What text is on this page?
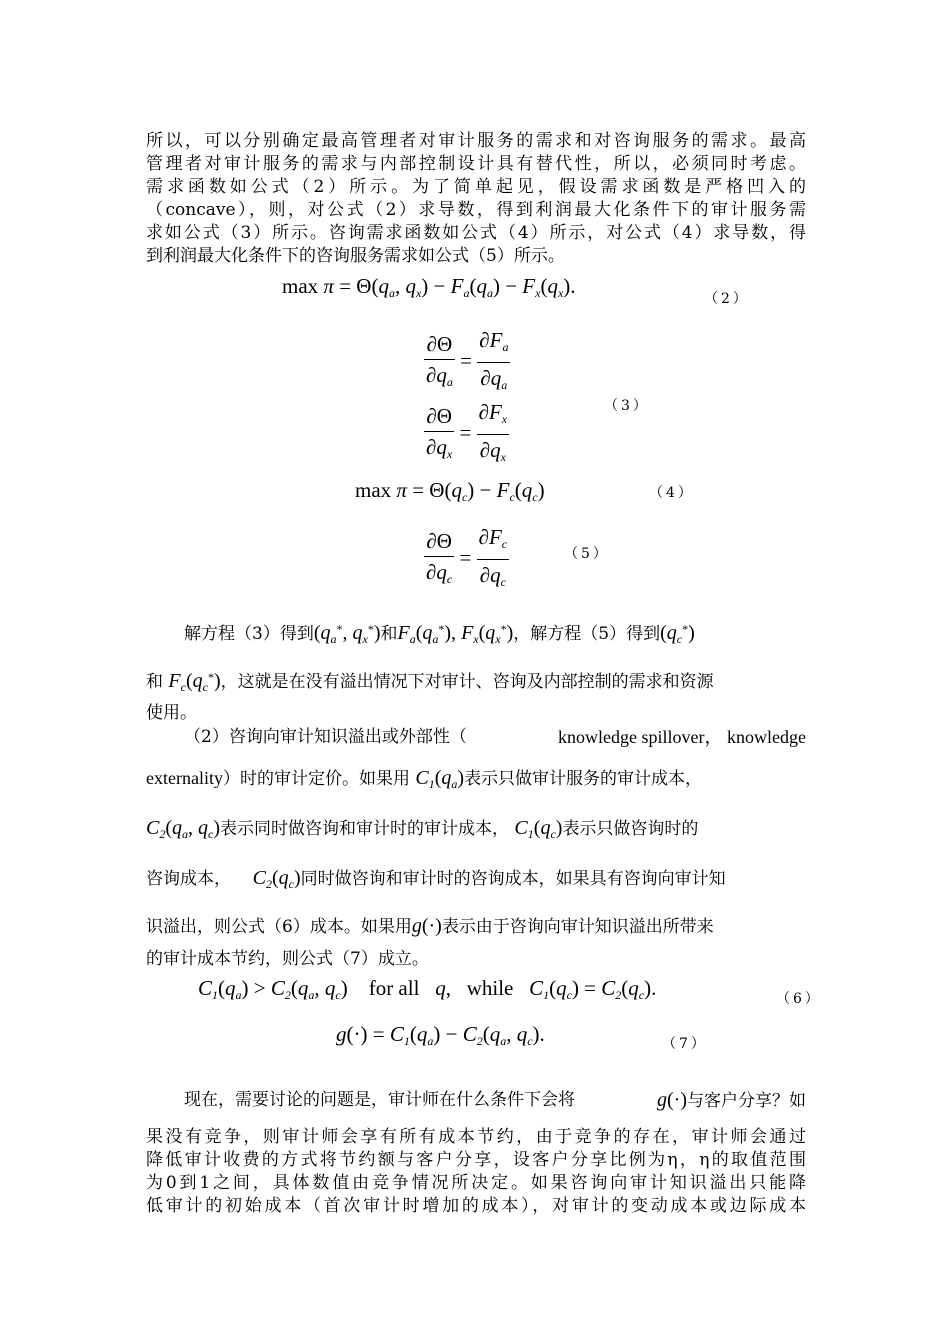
所以，可以分别确定最高管理者对审计服务的需求和对咨询服务的需求。最高
管理者对审计服务的需求与内部控制设计具有替代性，所以，必须同时考虑。
需求函数如公式（2）所示。为了简单起见，假设需求函数是严格凹入的
（concave），则，对公式（2）求导数，得到利润最大化条件下的审计服务需
求如公式（3）所示。咨询需求函数如公式（4）所示，对公式（4）求导数，得
到利润最大化条件下的咨询服务需求如公式（5）所示。
$\max \pi = \Theta(q_a$, $q_x) - F_a(q_a) - F_x(q_x)$.
（2）
$\frac{\partial\Theta}{\partial q_a} = \frac{\partial F_a}{\partial q_a}$
（3）
$\frac{\partial\Theta}{\partial q_x} = \frac{\partial F_x}{\partial q_x}$
$\max \pi = \Theta(q_c) - F_c(q_c)$	（4）
$\frac{\partial\Theta}{\partial q_c} = \frac{\partial F_c}{\partial q_c}$	（5）
解方程（3）得到($q_a^*$, $q_x^*$)和$F_a(q_a^*)$, $F_x(q_x^*)$，解方程（5）得到$(q_c^*)$
和 $F_c(q_c^*)$，这就是在没有溢出情况下对审计、咨询及内部控制的需求和资源
使用。
（2）咨询向审计知识溢出或外部性（	knowledge spillover， knowledge
externality）时的审计定价。如果用 $C_1(q_a)$表示只做审计服务的审计成本，
$C_2(q_a$, $q_c$)表示同时做咨询和审计时的审计成本， $C_1(q_c)$表示只做咨询时的
咨询成本， $C_2(q_c)$同时做咨询和审计时的咨询成本，如果具有咨询向审计知
识溢出，则公式（6）成本。如果用g(·)表示由于咨询向审计知识溢出所带来
的审计成本节约，则公式（7）成立。
$C_1(q_a) > C_2(q_a$, $q_c$)    for all   q,   while   $C_1(q_c) = C_2(q_c)$.	（6）
$g(\cdot) = C_1(q_a) - C_2(q_a$, $q_c$).	（7）
现在，需要讨论的问题是，审计师在什么条件下会将	g(·)与客户分享？如
果没有竞争，则审计师会享有所有成本节约，由于竞争的存在，审计师会通过
降低审计收费的方式将节约额与客户分享，设客户分享比例为η，η的取值范围
为0到1之间，具体数值由竞争情况所决定。如果咨询向审计知识溢出只能降
低审计的初始成本（首次审计时增加的成本），对审计的变动成本或边际成本
